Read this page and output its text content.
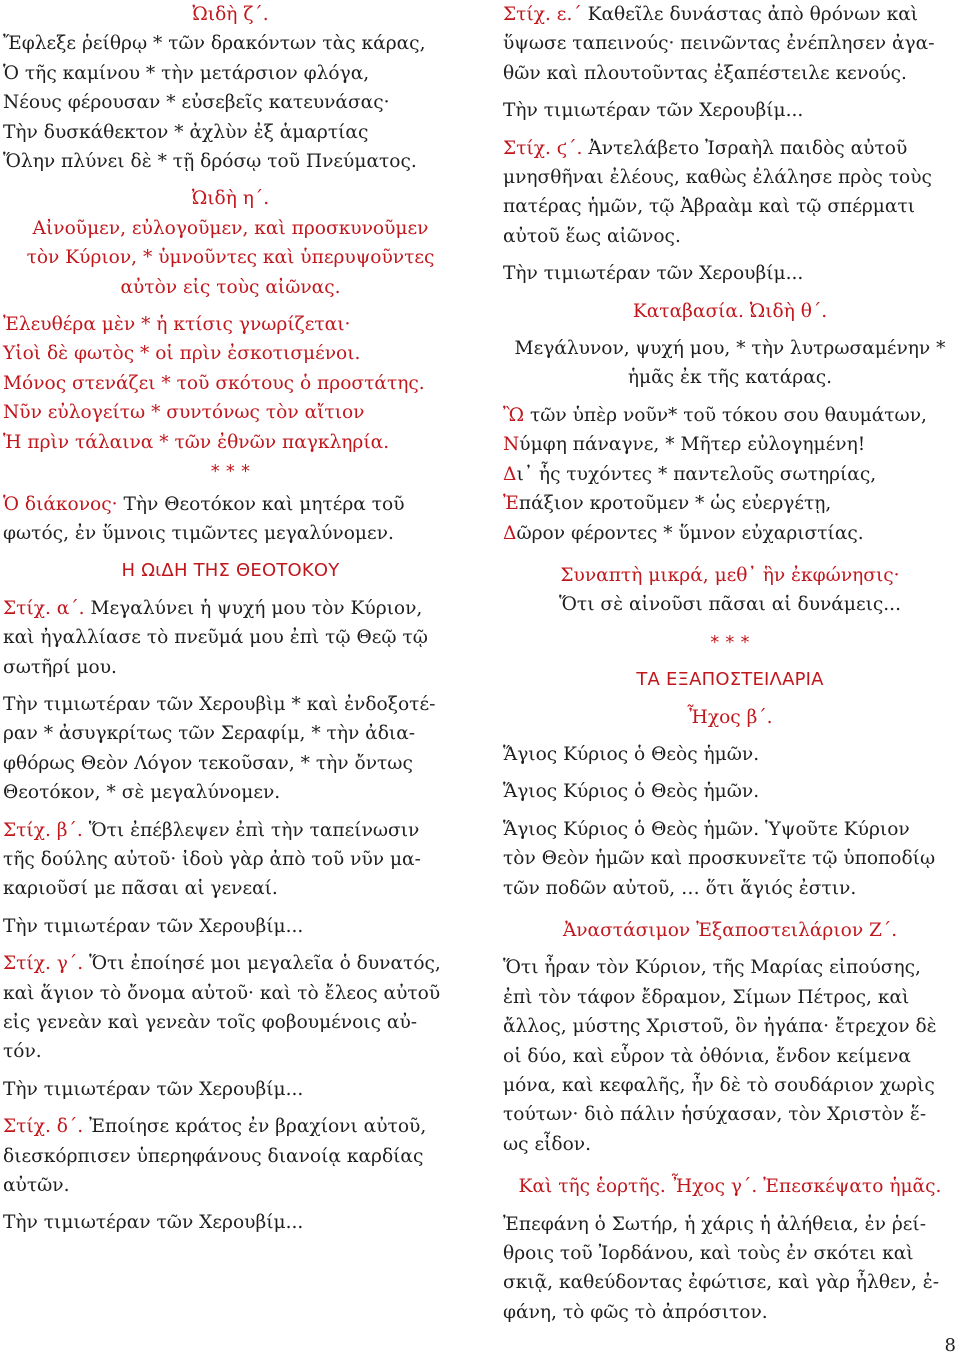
Ὠιδὴ ζ΄.
Ἔφλεξε ῥείθρῳ * τῶν δρακόντων τὰς κάρας,
Ὁ τῆς καμίνου * τὴν μετάρσιον φλόγα,
Νέους φέρουσαν * εὐσεβεῖς κατευνάσας·
Τὴν δυσκάθεκτον * ἀχλὺν ἐξ ἁμαρτίας
Ὅλην πλύνει δὲ * τῇ δρόσῳ τοῦ Πνεύματος.
Ὠιδὴ η΄.
Αἰνοῦμεν, εὐλογοῦμεν, καὶ προσκυνοῦμεν
τὸν Κύριον, * ὑμνοῦντες καὶ ὑπερυψοῦντες
αὐτὸν εἰς τοὺς αἰῶνας.
Ἐλευθέρα μὲν * ἡ κτίσις γνωρίζεται·
Υἱοὶ δὲ φωτὸς * οἱ πρὶν ἐσκοτισμένοι.
Μόνος στενάζει * τοῦ σκότους ὁ προστάτης.
Νῦν εὐλογείτω * συντόνως τὸν αἴτιον
Ἡ πρὶν τάλαινα * τῶν ἐθνῶν παγκληρία.
* * *
Ὁ διάκονος· Τὴν Θεοτόκον καὶ μητέρα τοῦ
φωτός, ἐν ὕμνοις τιμῶντες μεγαλύνομεν.
Η ΩιΔΗ ΤΗΣ ΘΕΟΤΟΚΟΥ
Στίχ. α΄. Μεγαλύνει ἡ ψυχή μου τὸν Κύριον,
καὶ ἠγαλλίασε τὸ πνεῦμά μου ἐπὶ τῷ Θεῷ τῷ
σωτῆρί μου.
Τὴν τιμιωτέραν τῶν Χερουβὶμ * καὶ ἐνδοξοτέ-
ραν * ἀσυγκρίτως τῶν Σεραφίμ, * τὴν ἀδια-
φθόρως Θεὸν Λόγον τεκοῦσαν, * τὴν ὄντως
Θεοτόκον, * σὲ μεγαλύνομεν.
Στίχ. β΄. Ὅτι ἐπέβλεψεν ἐπὶ τὴν ταπείνωσιν
τῆς δούλης αὐτοῦ· ἰδοὺ γὰρ ἀπὸ τοῦ νῦν μα-
καριοῦσί με πᾶσαι αἱ γενεαί.
Τὴν τιμιωτέραν τῶν Χερουβίμ...
Στίχ. γ΄. Ὅτι ἐποίησέ μοι μεγαλεῖα ὁ δυνατός,
καὶ ἅγιον τὸ ὄνομα αὐτοῦ· καὶ τὸ ἔλεος αὐτοῦ
εἰς γενεὰν καὶ γενεὰν τοῖς φοβουμένοις αὐ-
τόν.
Τὴν τιμιωτέραν τῶν Χερουβίμ...
Στίχ. δ΄. Ἐποίησε κράτος ἐν βραχίονι αὐτοῦ,
διεσκόρπισεν ὑπερηφάνους διανοίᾳ καρδίας
αὐτῶν.
Τὴν τιμιωτέραν τῶν Χερουβίμ...
Στίχ. ε.΄ Καθεῖλε δυνάστας ἀπὸ θρόνων καὶ
ὕψωσε ταπεινούς· πεινῶντας ἐνέπλησεν ἀγα-
θῶν καὶ πλουτοῦντας ἐξαπέστειλε κενούς.
Τὴν τιμιωτέραν τῶν Χερουβίμ...
Στίχ. ϛ΄. Ἀντελάβετο Ἰσραὴλ παιδὸς αὐτοῦ
μνησθῆναι ἐλέους, καθὼς ἐλάλησε πρὸς τοὺς
πατέρας ἡμῶν, τῷ Ἀβραὰμ καὶ τῷ σπέρματι
αὐτοῦ ἕως αἰῶνος.
Τὴν τιμιωτέραν τῶν Χερουβίμ...
Καταβασία. Ὠιδὴ θ΄.
Μεγάλυνον, ψυχή μου, * τὴν λυτρωσαμένην *
ἡμᾶς ἐκ τῆς κατάρας.
Ὢ τῶν ὑπὲρ νοῦν* τοῦ τόκου σου θαυμάτων,
Νύμφη πάναγνε, * Μῆτερ εὐλογημένη!
Δι᾽ ἧς τυχόντες * παντελοῦς σωτηρίας,
Ἐπάξιον κροτοῦμεν * ὡς εὐεργέτῃ,
Δῶρον φέροντες * ὕμνον εὐχαριστίας.
Συναπτὴ μικρά, μεθ᾽ ἣν ἐκφώνησις·
Ὅτι σὲ αἰνοῦσι πᾶσαι αἱ δυνάμεις...
* * *
ΤΑ ΕΞΑΠΟΣΤΕΙΛΑΡΙΑ
Ἦχος β΄.
Ἅγιος Κύριος ὁ Θεὸς ἡμῶν.
Ἅγιος Κύριος ὁ Θεὸς ἡμῶν.
Ἅγιος Κύριος ὁ Θεὸς ἡμῶν. Ὑψοῦτε Κύριον
τὸν Θεὸν ἡμῶν καὶ προσκυνεῖτε τῷ ὑποποδίῳ
τῶν ποδῶν αὐτοῦ, … ὅτι ἅγιός ἐστιν.
Ἀναστάσιμον Ἐξαποστειλάριον Ζ΄.
Ὅτι ἦραν τὸν Κύριον, τῆς Μαρίας εἰπούσης,
ἐπὶ τὸν τάφον ἔδραμον, Σίμων Πέτρος, καὶ
ἄλλος, μύστης Χριστοῦ, ὃν ἠγάπα· ἔτρεχον δὲ
οἱ δύο, καὶ εὗρον τὰ ὀθόνια, ἔνδον κείμενα
μόνα, καὶ κεφαλῆς, ἦν δὲ τὸ σουδάριον χωρὶς
τούτων· διὸ πάλιν ἡσύχασαν, τὸν Χριστὸν ἕ-
ως εἶδον.
Καὶ τῆς ἑορτῆς. Ἦχος γ΄. Ἐπεσκέψατο ἡμᾶς.
Ἐπεφάνη ὁ Σωτήρ, ἡ χάρις ἡ ἀλήθεια, ἐν ῥεί-
θροις τοῦ Ἰορδάνου, καὶ τοὺς ἐν σκότει καὶ
σκιᾷ, καθεύδοντας ἐφώτισε, καὶ γὰρ ἦλθεν, ἐ-
φάνη, τὸ φῶς τὸ ἀπρόσιτον.
8
